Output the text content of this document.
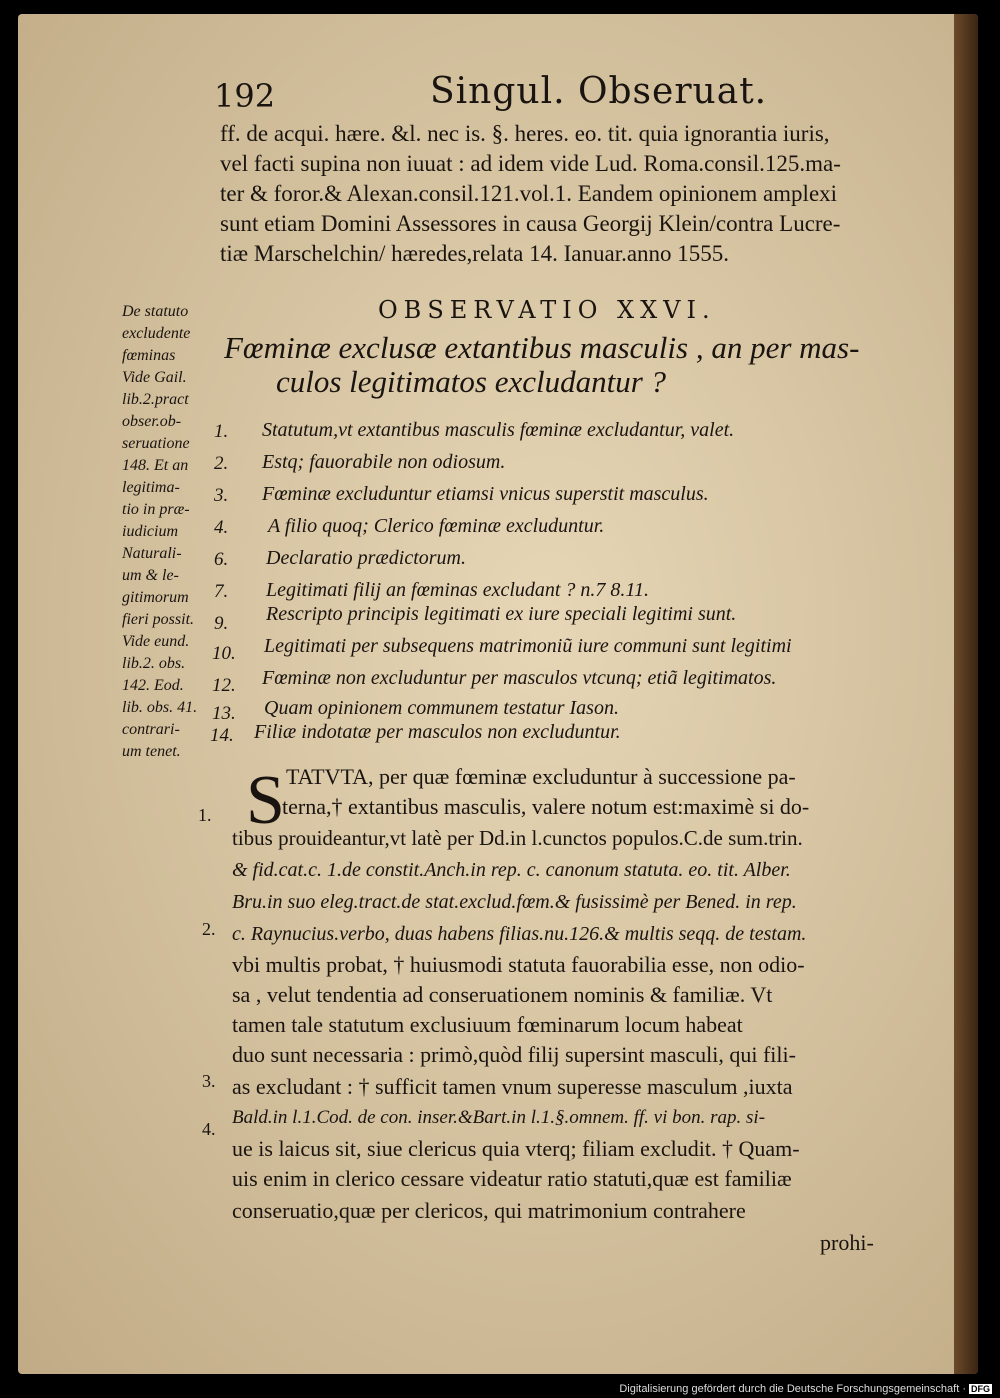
192	Singul. Obseruat.
ff. de acqui. hære. &l. nec is. §. heres. eo. tit. quia ignorantia iuris,
vel facti supina non iuuat : ad idem vide Lud. Roma.consil.125.ma-
ter & foror.& Alexan.consil.121.vol.1. Eandem opinionem amplexi
sunt etiam Domini Assessores in causa Georgij Klein/contra Lucre-
tiæ Marschelchin/ hæredes,relata 14. Ianuar.anno 1555.
OBSERVATIO XXVI.
Fœminæ exclusæ extantibus masculis , an per mas-
culos legitimatos excludantur ?
De statuto
excludente
fœminas
Vide Gail.
lib.2.pract
obser.ob-
seruatione
148. Et an
legitima-
tio in præ-
iudicium
Naturali-
um & le-
gitimorum
fieri possit.
Vide eund.
lib.2. obs.
142. Eod.
lib. obs. 41.
contrari-
um tenet.
1. Statutum,vt extantibus masculis fœminæ excludantur, valet.
2. Estq; fauorabile non odiosum.
3. Fœminæ excluduntur etiamsi vnicus superstit masculus.
4. A filio quoq; Clerico fœminæ excluduntur.
6. Declaratio prædictorum.
7. Legitimati filij an fœminas excludant ? n.7 8.11.
9. Rescripto principis legitimati ex iure speciali legitimi sunt.
10. Legitimati per subsequens matrimoniũ iure communi sunt legitimi
12. Fœminæ non excluduntur per masculos vtcunq; etiã legitimatos.
13. Quam opinionem communem testatur Iason.
14. Filiæ indotatæ per masculos non excluduntur.
S TATVTA, per quæ fœminæ excluduntur à successione pa-
terna,† extantibus masculis, valere notum est:maximè si do-
tibus prouideantur,vt latè per Dd.in l.cunctos populos.C.de sum.trin.
& fid.cat.c. 1.de constit.Anch.in rep. c. canonum statuta. eo. tit. Alber.
Bru.in suo eleg.tract.de stat.exclud.fœm.& fusissimè per Bened. in rep.
c. Raynucius.verbo, duas habens filias.nu.126.& multis seqq. de testam.
vbi multis probat, † huiusmodi statuta fauorabilia esse, non odio-
sa , velut tendentia ad conseruationem nominis & familiæ. Vt
tamen tale statutum exclusiuum fœminarum locum habeat
duo sunt necessaria : primò,quòd filij supersint masculi, qui fili-
as excludant : † sufficit tamen vnum superesse masculum ,iuxta
Bald.in l.1.Cod. de con. inser.&Bart.in l.1.§.omnem. ff. vi bon. rap. si-
ue is laicus sit, siue clericus quia vterq; filiam excludit. † Quam-
uis enim in clerico cessare videatur ratio statuti,quæ est familiæ
conseruatio,quæ per clericos, qui matrimonium contrahere
prohi-
1.
2.
3.
4.
Digitalisierung gefördert durch die Deutsche Forschungsgemeinschaft · DFG
